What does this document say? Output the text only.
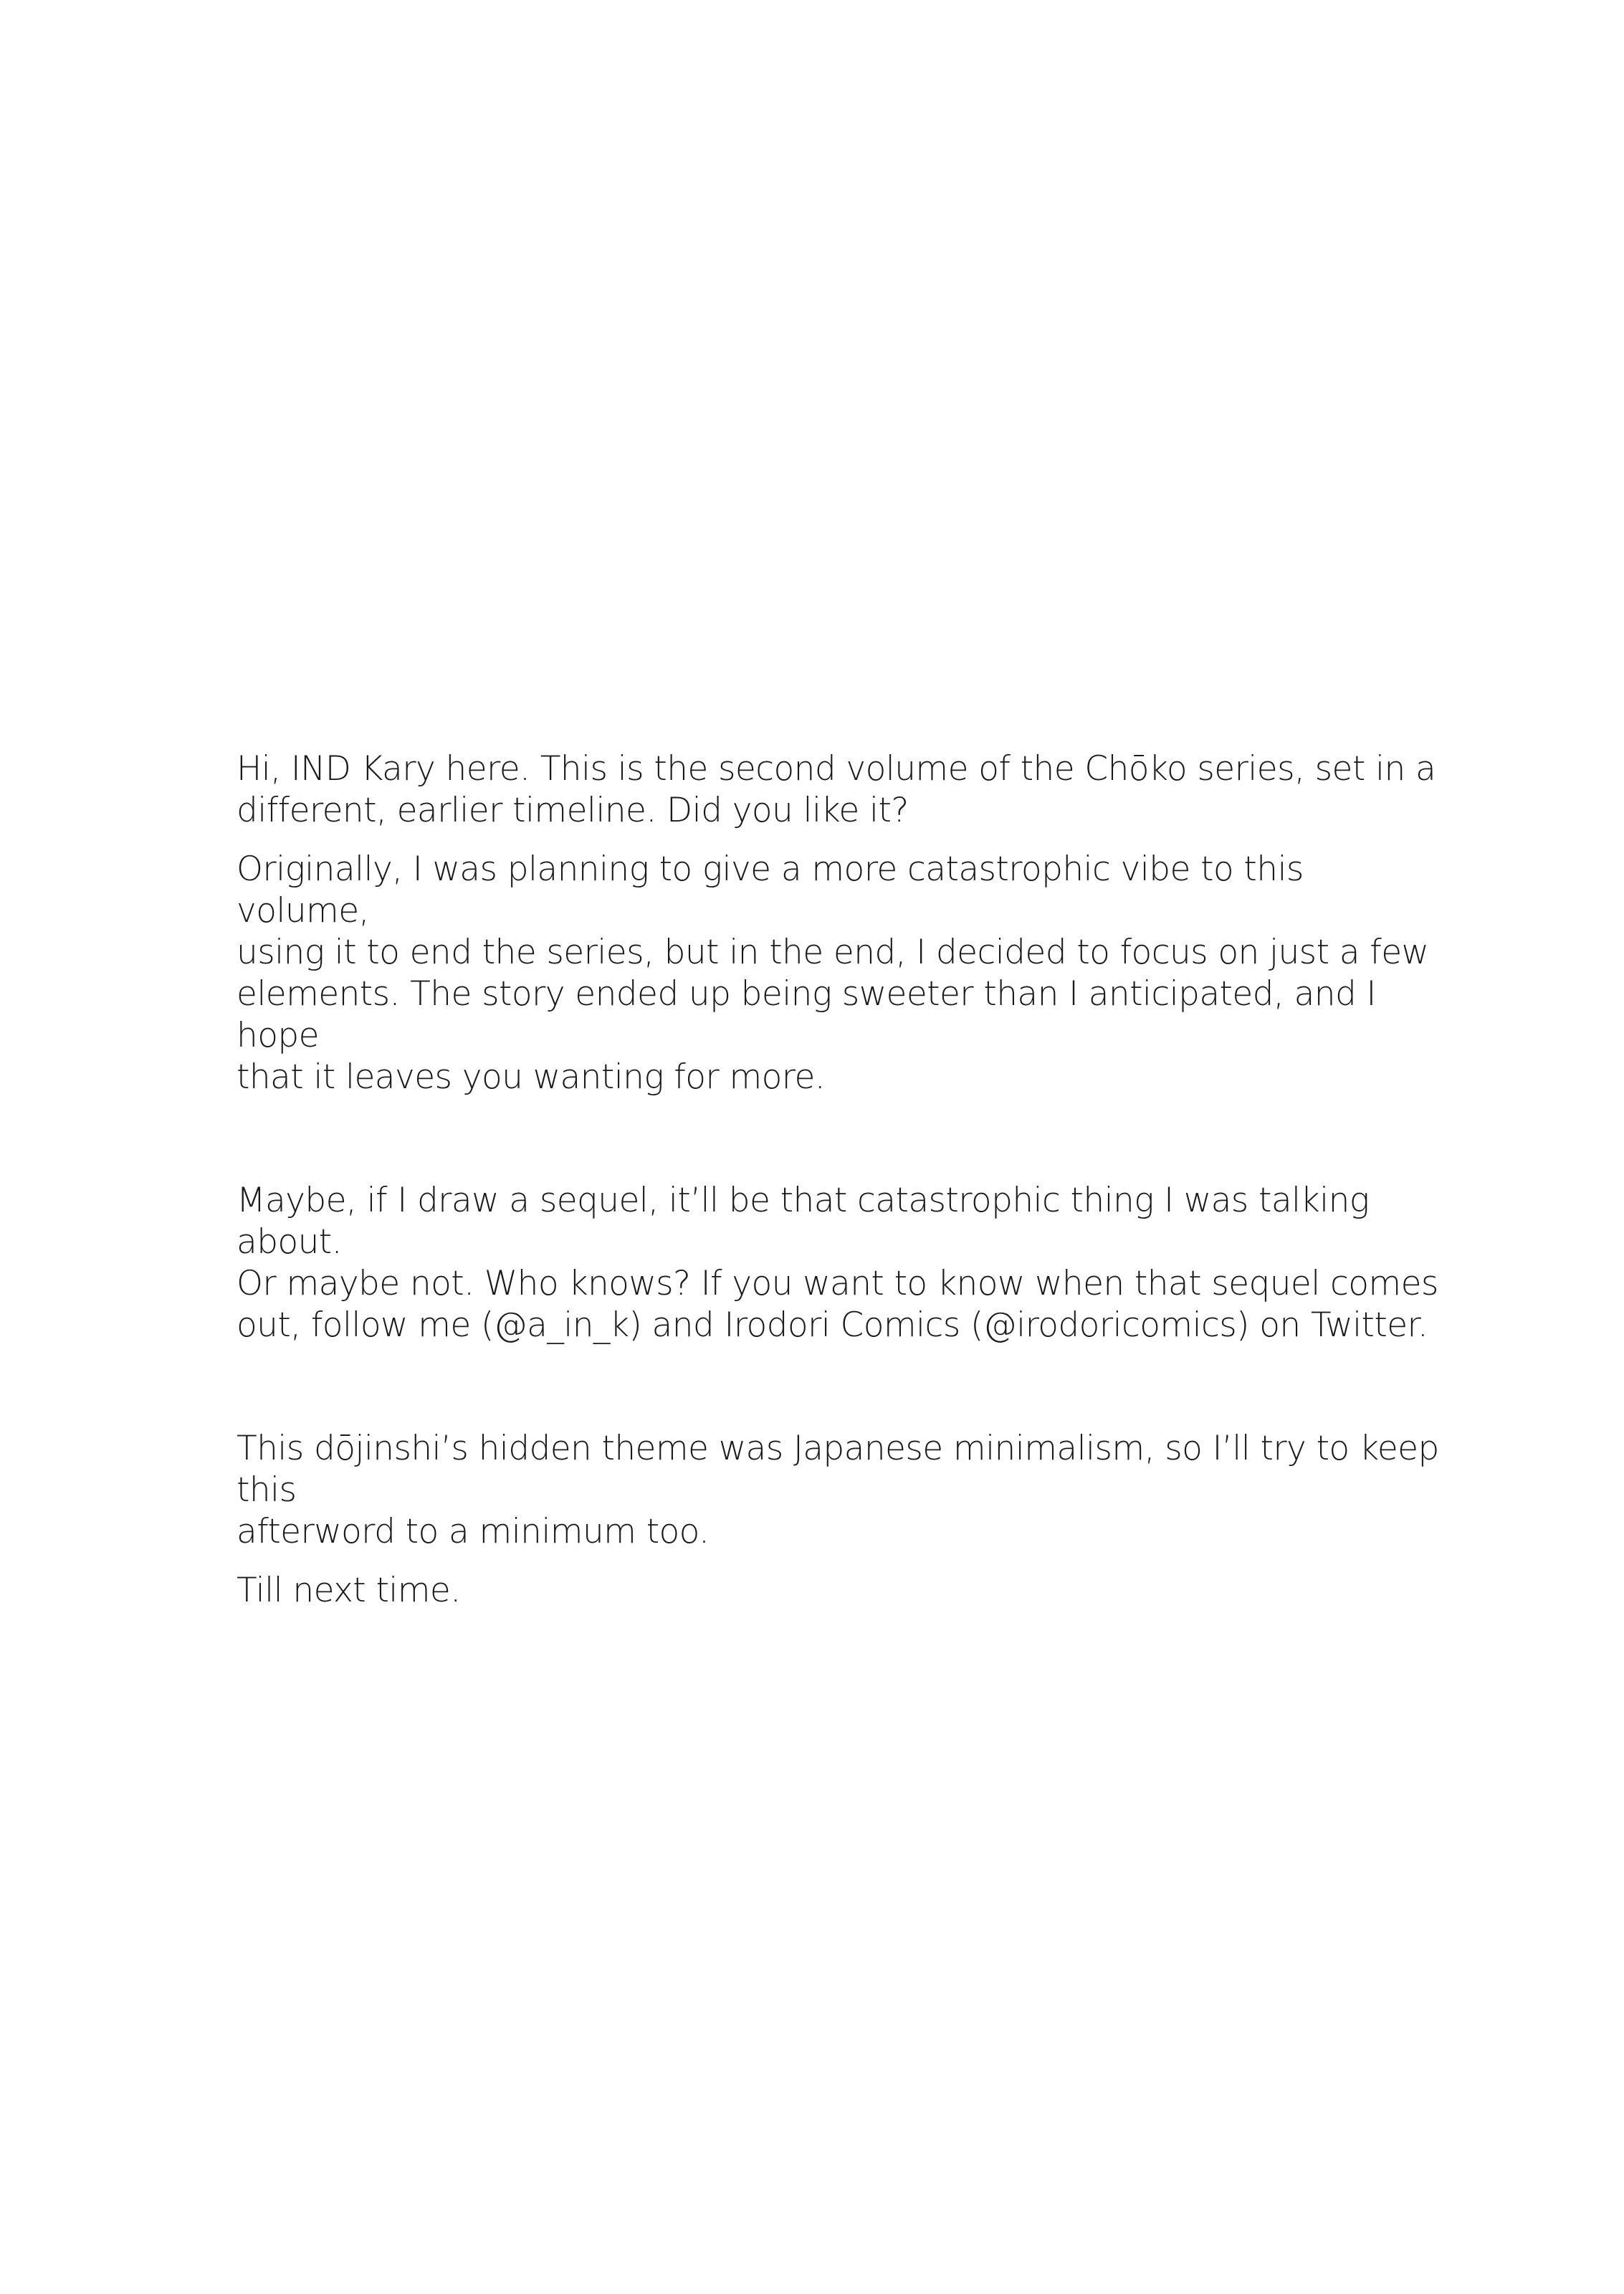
Hi, IND Kary here. This is the second volume of the Chōko series, set in a
different, earlier timeline. Did you like it?

Originally, I was planning to give a more catastrophic vibe to this volume,
using it to end the series, but in the end, I decided to focus on just a few
elements. The story ended up being sweeter than I anticipated, and I hope
that it leaves you wanting for more.

Maybe, if I draw a sequel, it’ll be that catastrophic thing I was talking about.
Or maybe not. Who knows? If you want to know when that sequel comes
out, follow me (@a_in_k) and Irodori Comics (@irodoricomics) on Twitter.

This dōjinshi’s hidden theme was Japanese minimalism, so I’ll try to keep this
afterword to a minimum too.

Till next time.
